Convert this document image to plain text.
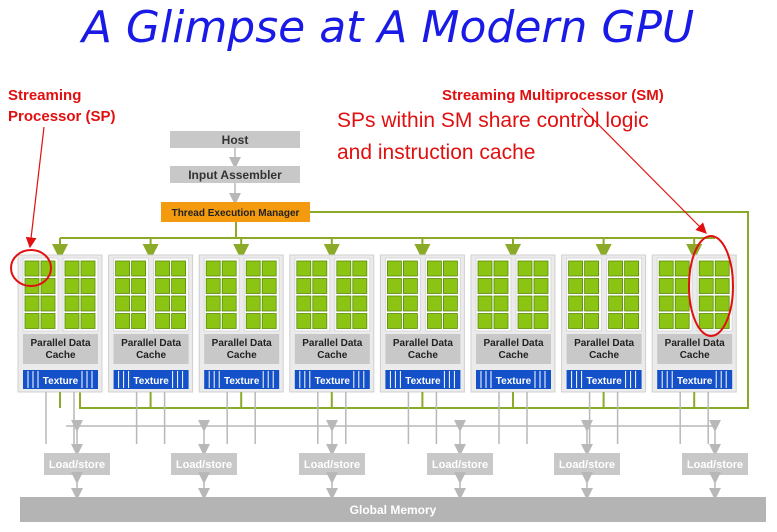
A Glimpse at A Modern GPU
Streaming
Processor (SP)
Streaming Multiprocessor (SM)
SPs within SM share control logic
and instruction cache
Host
Input Assembler
Thread Execution Manager
Parallel Data
Cache
Texture
Parallel Data
Cache
Texture
Parallel Data
Cache
Texture
Parallel Data
Cache
Texture
Parallel Data
Cache
Texture
Parallel Data
Cache
Texture
Parallel Data
Cache
Texture
Parallel Data
Cache
Texture
Load/store	Load/store	Load/store	Load/store	Load/store	Load/store
Global Memory
